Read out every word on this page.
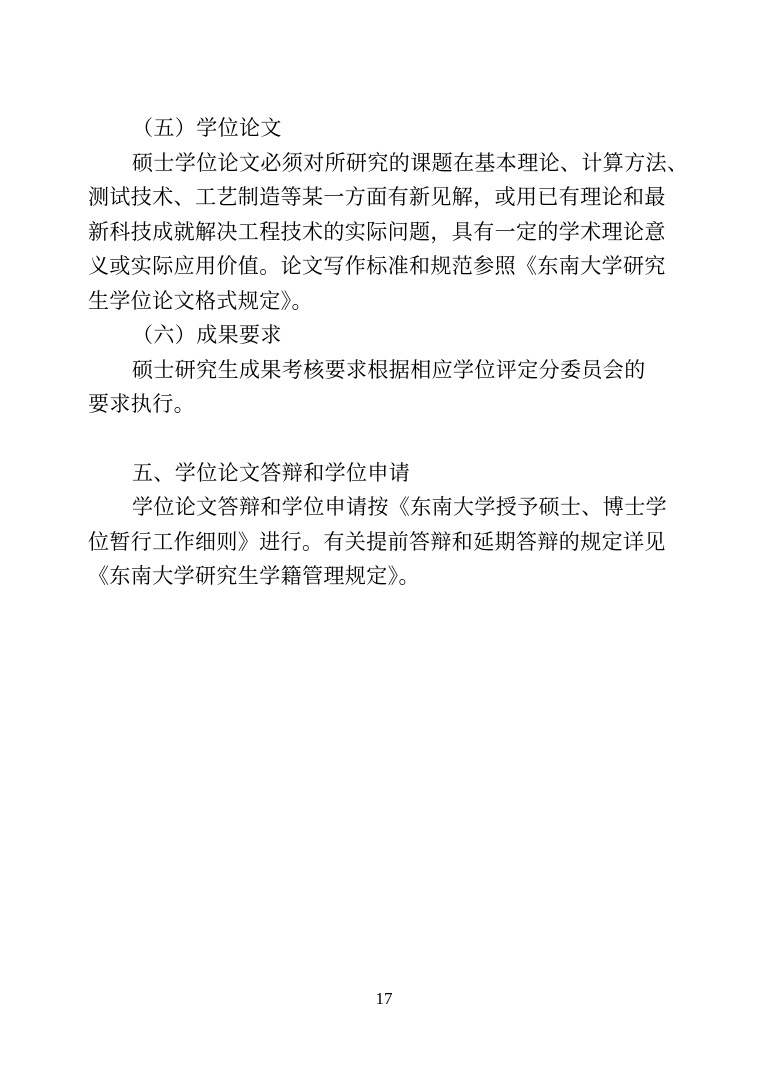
（五）学位论文
硕士学位论文必须对所研究的课题在基本理论、计算方法、
测试技术、工艺制造等某一方面有新见解，或用已有理论和最
新科技成就解决工程技术的实际问题，具有一定的学术理论意
义或实际应用价值。论文写作标准和规范参照《东南大学研究
生学位论文格式规定》。
（六）成果要求
硕士研究生成果考核要求根据相应学位评定分委员会的
要求执行。
五、学位论文答辩和学位申请
学位论文答辩和学位申请按《东南大学授予硕士、博士学
位暂行工作细则》进行。有关提前答辩和延期答辩的规定详见
《东南大学研究生学籍管理规定》。
17
